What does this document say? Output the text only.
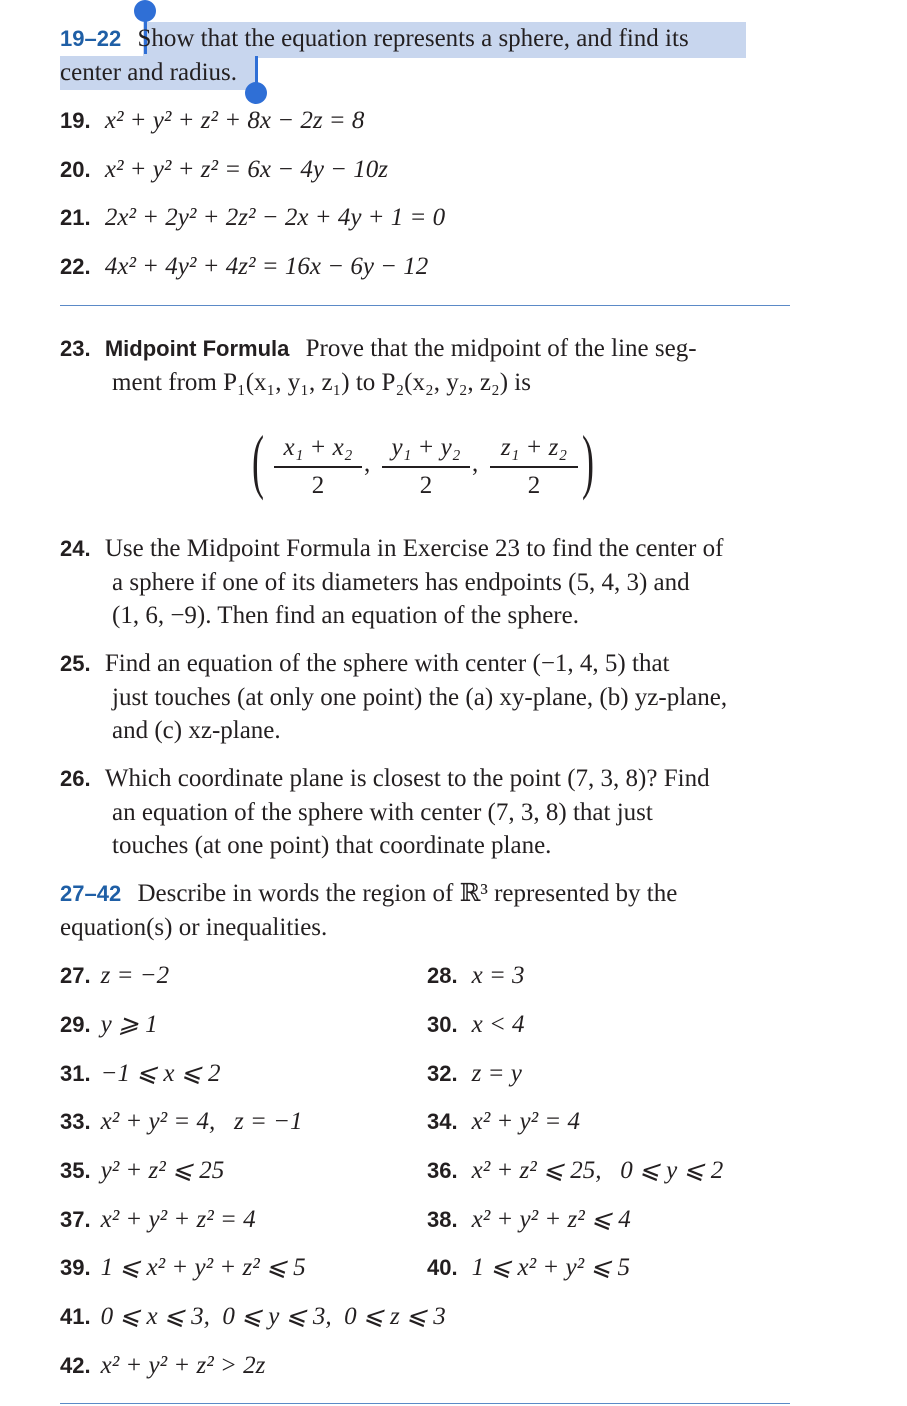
19–22 Show that the equation represents a sphere, and find its
center and radius.
19. x² + y² + z² + 8x − 2z = 8
20. x² + y² + z² = 6x − 4y − 10z
21. 2x² + 2y² + 2z² − 2x + 4y + 1 = 0
22. 4x² + 4y² + 4z² = 16x − 6y − 12
23. Midpoint Formula Prove that the midpoint of the line seg-
ment from P₁(x₁, y₁, z₁) to P₂(x₂, y₂, z₂) is
( x₁ + x₂
2
,
y₁ + y₂
2
,
z₁ + z₂
2 )
24. Use the Midpoint Formula in Exercise 23 to find the center of
a sphere if one of its diameters has endpoints (5, 4, 3) and
(1, 6, −9). Then find an equation of the sphere.
25. Find an equation of the sphere with center (−1, 4, 5) that
just touches (at only one point) the (a) xy-plane, (b) yz-plane,
and (c) xz-plane.
26. Which coordinate plane is closest to the point (7, 3, 8)? Find
an equation of the sphere with center (7, 3, 8) that just
touches (at one point) that coordinate plane.
27–42 Describe in words the region of ℝ³ represented by the
equation(s) or inequalities.
27. z = −2	28. x = 3
29. y ⩾ 1	30. x < 4
31. −1 ⩽ x ⩽ 2	32. z = y
33. x² + y² = 4,   z = −1	34. x² + y² = 4
35. y² + z² ⩽ 25	36. x² + z² ⩽ 25,   0 ⩽ y ⩽ 2
37. x² + y² + z² = 4	38. x² + y² + z² ⩽ 4
39. 1 ⩽ x² + y² + z² ⩽ 5	40. 1 ⩽ x² + y² ⩽ 5
41. 0 ⩽ x ⩽ 3,  0 ⩽ y ⩽ 3,  0 ⩽ z ⩽ 3
42. x² + y² + z² > 2z
